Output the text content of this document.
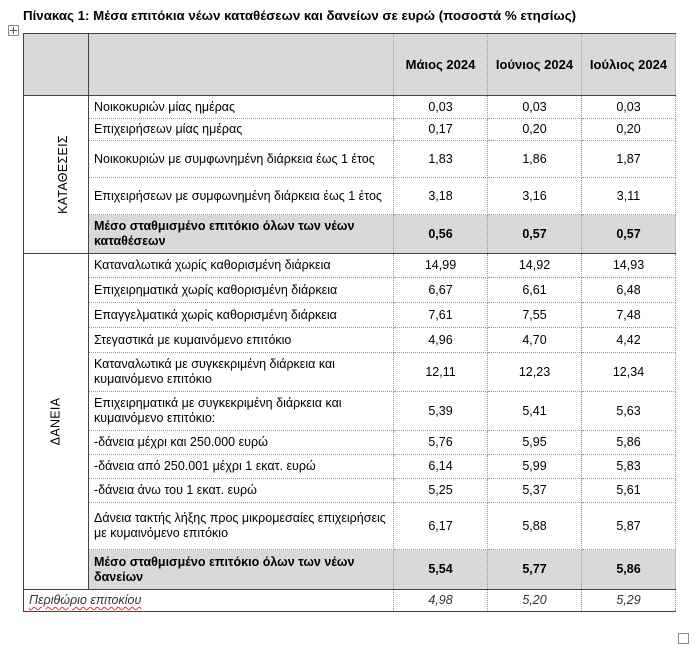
Πίνακας 1: Μέσα επιτόκια νέων καταθέσεων και δανείων σε ευρώ (ποσοστά % ετησίως)

		Μάιος 2024	Ιούνιος 2024	Ιούλιος 2024
ΚΑΤΑΘΕΣΕΙΣ	Νοικοκυριών μίας ημέρας	0,03	0,03	0,03
	Επιχειρήσεων μίας ημέρας	0,17	0,20	0,20
	Νοικοκυριών με συμφωνημένη διάρκεια έως 1 έτος	1,83	1,86	1,87
	Επιχειρήσεων με συμφωνημένη διάρκεια έως 1 έτος	3,18	3,16	3,11
	Μέσο σταθμισμένο επιτόκιο όλων των νέων καταθέσεων	0,56	0,57	0,57
ΔΑΝΕΙΑ	Καταναλωτικά χωρίς καθορισμένη διάρκεια	14,99	14,92	14,93
	Επιχειρηματικά χωρίς καθορισμένη διάρκεια	6,67	6,61	6,48
	Επαγγελματικά χωρίς καθορισμένη διάρκεια	7,61	7,55	7,48
	Στεγαστικά με κυμαινόμενο επιτόκιο	4,96	4,70	4,42
	Καταναλωτικά με συγκεκριμένη διάρκεια και κυμαινόμενο επιτόκιο	12,11	12,23	12,34
	Επιχειρηματικά με συγκεκριμένη διάρκεια και κυμαινόμενο επιτόκιο:	5,39	5,41	5,63
	-δάνεια μέχρι και 250.000 ευρώ	5,76	5,95	5,86
	-δάνεια από 250.001 μέχρι 1 εκατ. ευρώ	6,14	5,99	5,83
	-δάνεια άνω του 1 εκατ. ευρώ	5,25	5,37	5,61
	Δάνεια τακτής λήξης προς μικρομεσαίες επιχειρήσεις με κυμαινόμενο επιτόκιο	6,17	5,88	5,87
	Μέσο σταθμισμένο επιτόκιο όλων των νέων δανείων	5,54	5,77	5,86
Περιθώριο επιτοκίου		4,98	5,20	5,29
